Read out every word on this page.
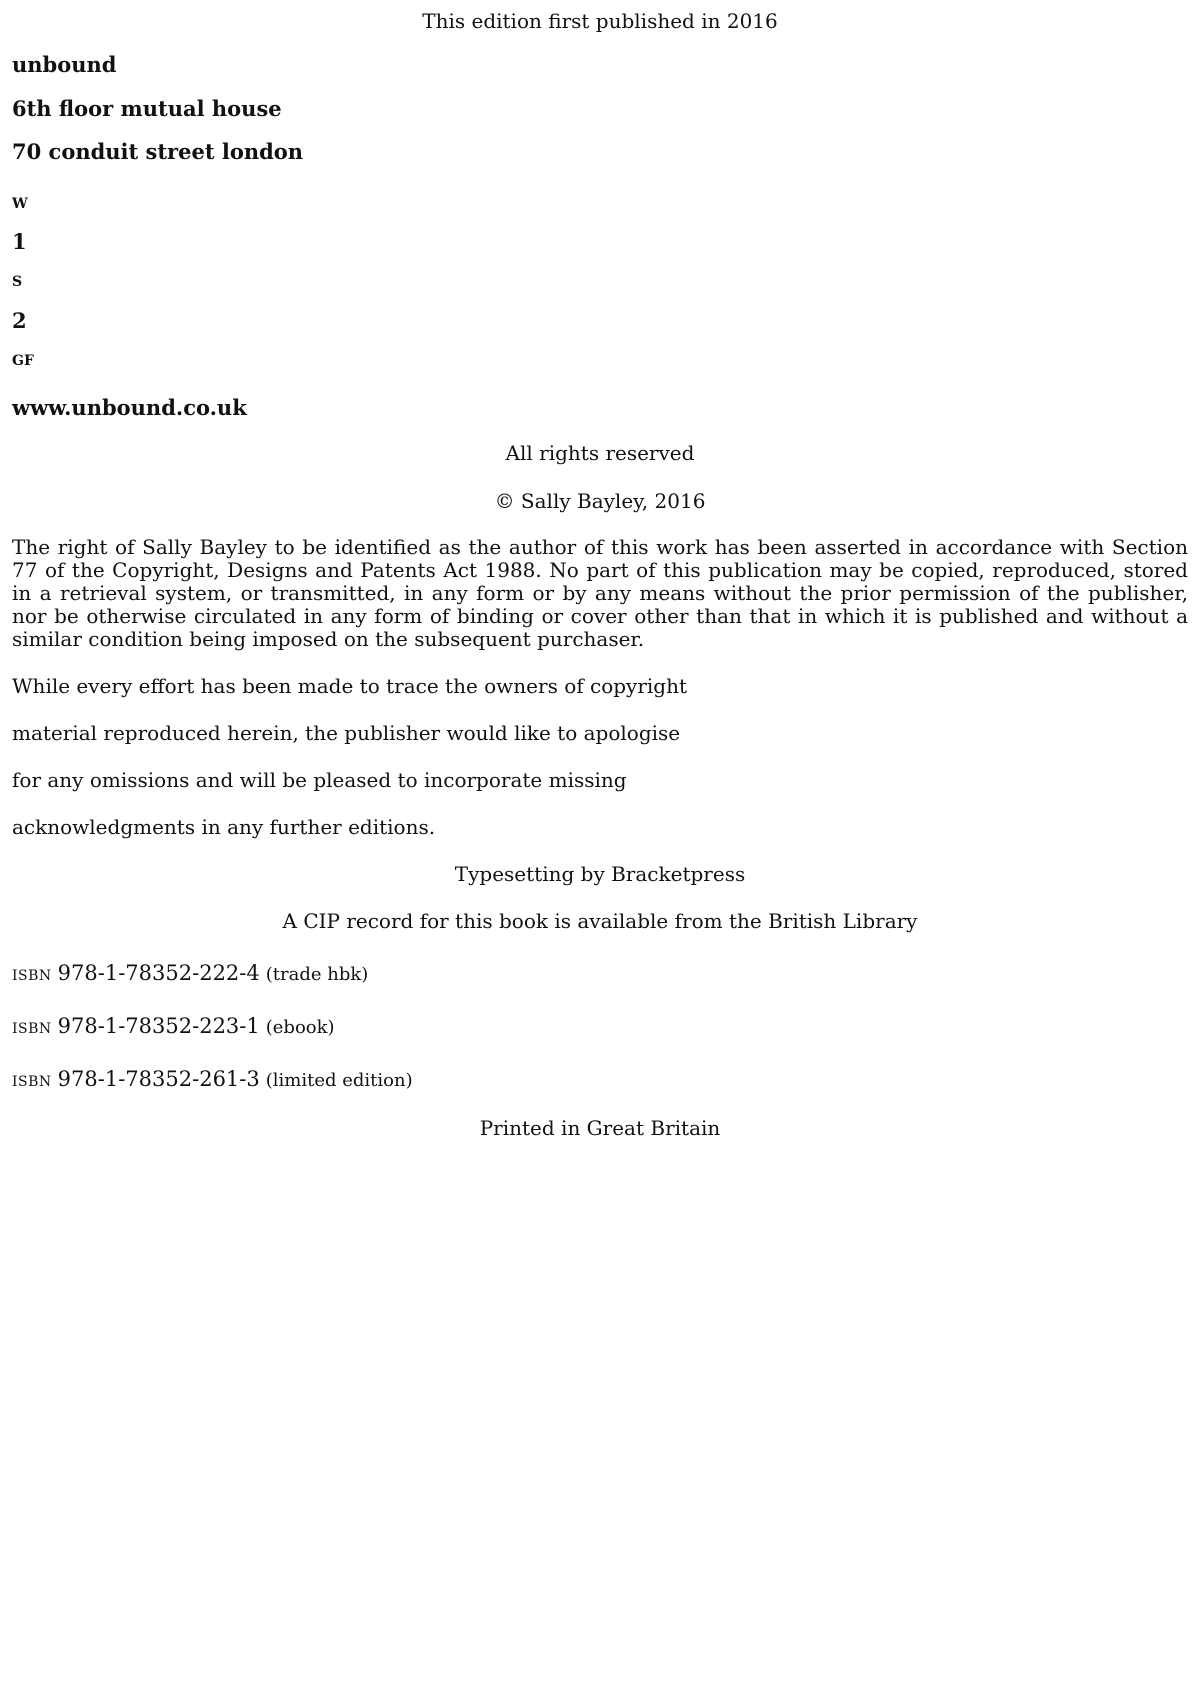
This edition first published in 2016

unbound

6th floor mutual house

70 conduit street london

W

1

S

2

GF

www.unbound.co.uk

All rights reserved

© Sally Bayley, 2016

The right of Sally Bayley to be identified as the author of this work has been asserted in accordance with Section 77 of the Copyright, Designs and Patents Act 1988. No part of this publication may be copied, reproduced, stored in a retrieval system, or transmitted, in any form or by any means without the prior permission of the publisher, nor be otherwise circulated in any form of binding or cover other than that in which it is published and without a similar condition being imposed on the subsequent purchaser.

While every effort has been made to trace the owners of copyright

material reproduced herein, the publisher would like to apologise

for any omissions and will be pleased to incorporate missing

acknowledgments in any further editions.

Typesetting by Bracketpress

A CIP record for this book is available from the British Library

ISBN 978-1-78352-222-4 (trade hbk)

ISBN 978-1-78352-223-1 (ebook)

ISBN 978-1-78352-261-3 (limited edition)

Printed in Great Britain
